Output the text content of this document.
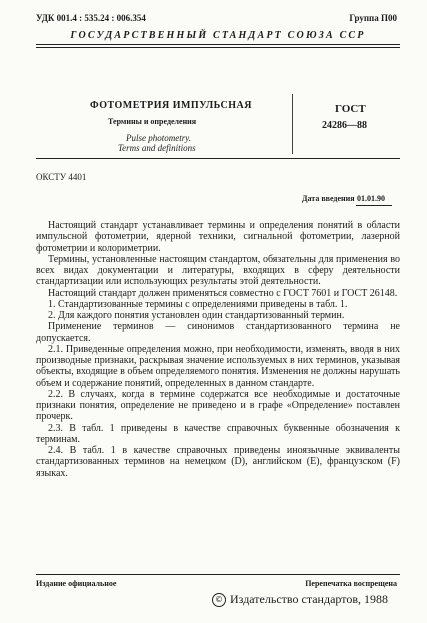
УДК 001.4 : 535.24 : 006.354	Группа П00
ГОСУДАРСТВЕННЫЙ СТАНДАРТ СОЮЗА ССР
ФОТОМЕТРИЯ ИМПУЛЬСНАЯ
Термины и определения
Pulse photometry.
Terms and definitions
ГОСТ
24286—88
ОКСТУ 4401
Дата введения 01.01.90

Настоящий стандарт устанавливает термины и определения понятий в области импульсной фотометрии, ядерной техники, сигнальной фотометрии, лазерной фотометрии и колориметрии.

Термины, установленные настоящим стандартом, обязательны для применения во всех видах документации и литературы, входящих в сферу деятельности стандартизации или использующих результаты этой деятельности.

Настоящий стандарт должен применяться совместно с ГОСТ 7601 и ГОСТ 26148.

1. Стандартизованные термины с определениями приведены в табл. 1.

2. Для каждого понятия установлен один стандартизованный термин.

Применение терминов — синонимов стандартизованного термина не допускается.

2.1. Приведенные определения можно, при необходимости, изменять, вводя в них производные признаки, раскрывая значение используемых в них терминов, указывая объекты, входящие в объем определяемого понятия. Изменения не должны нарушать объем и содержание понятий, определенных в данном стандарте.

2.2. В случаях, когда в термине содержатся все необходимые и достаточные признаки понятия, определение не приведено и в графе «Определение» поставлен прочерк.

2.3. В табл. 1 приведены в качестве справочных буквенные обозначения к терминам.

2.4. В табл. 1 в качестве справочных приведены иноязычные эквиваленты стандартизованных терминов на немецком (D), английском (E), французском (F) языках.

Издание официальное	Перепечатка воспрещена
© Издательство стандартов, 1988
